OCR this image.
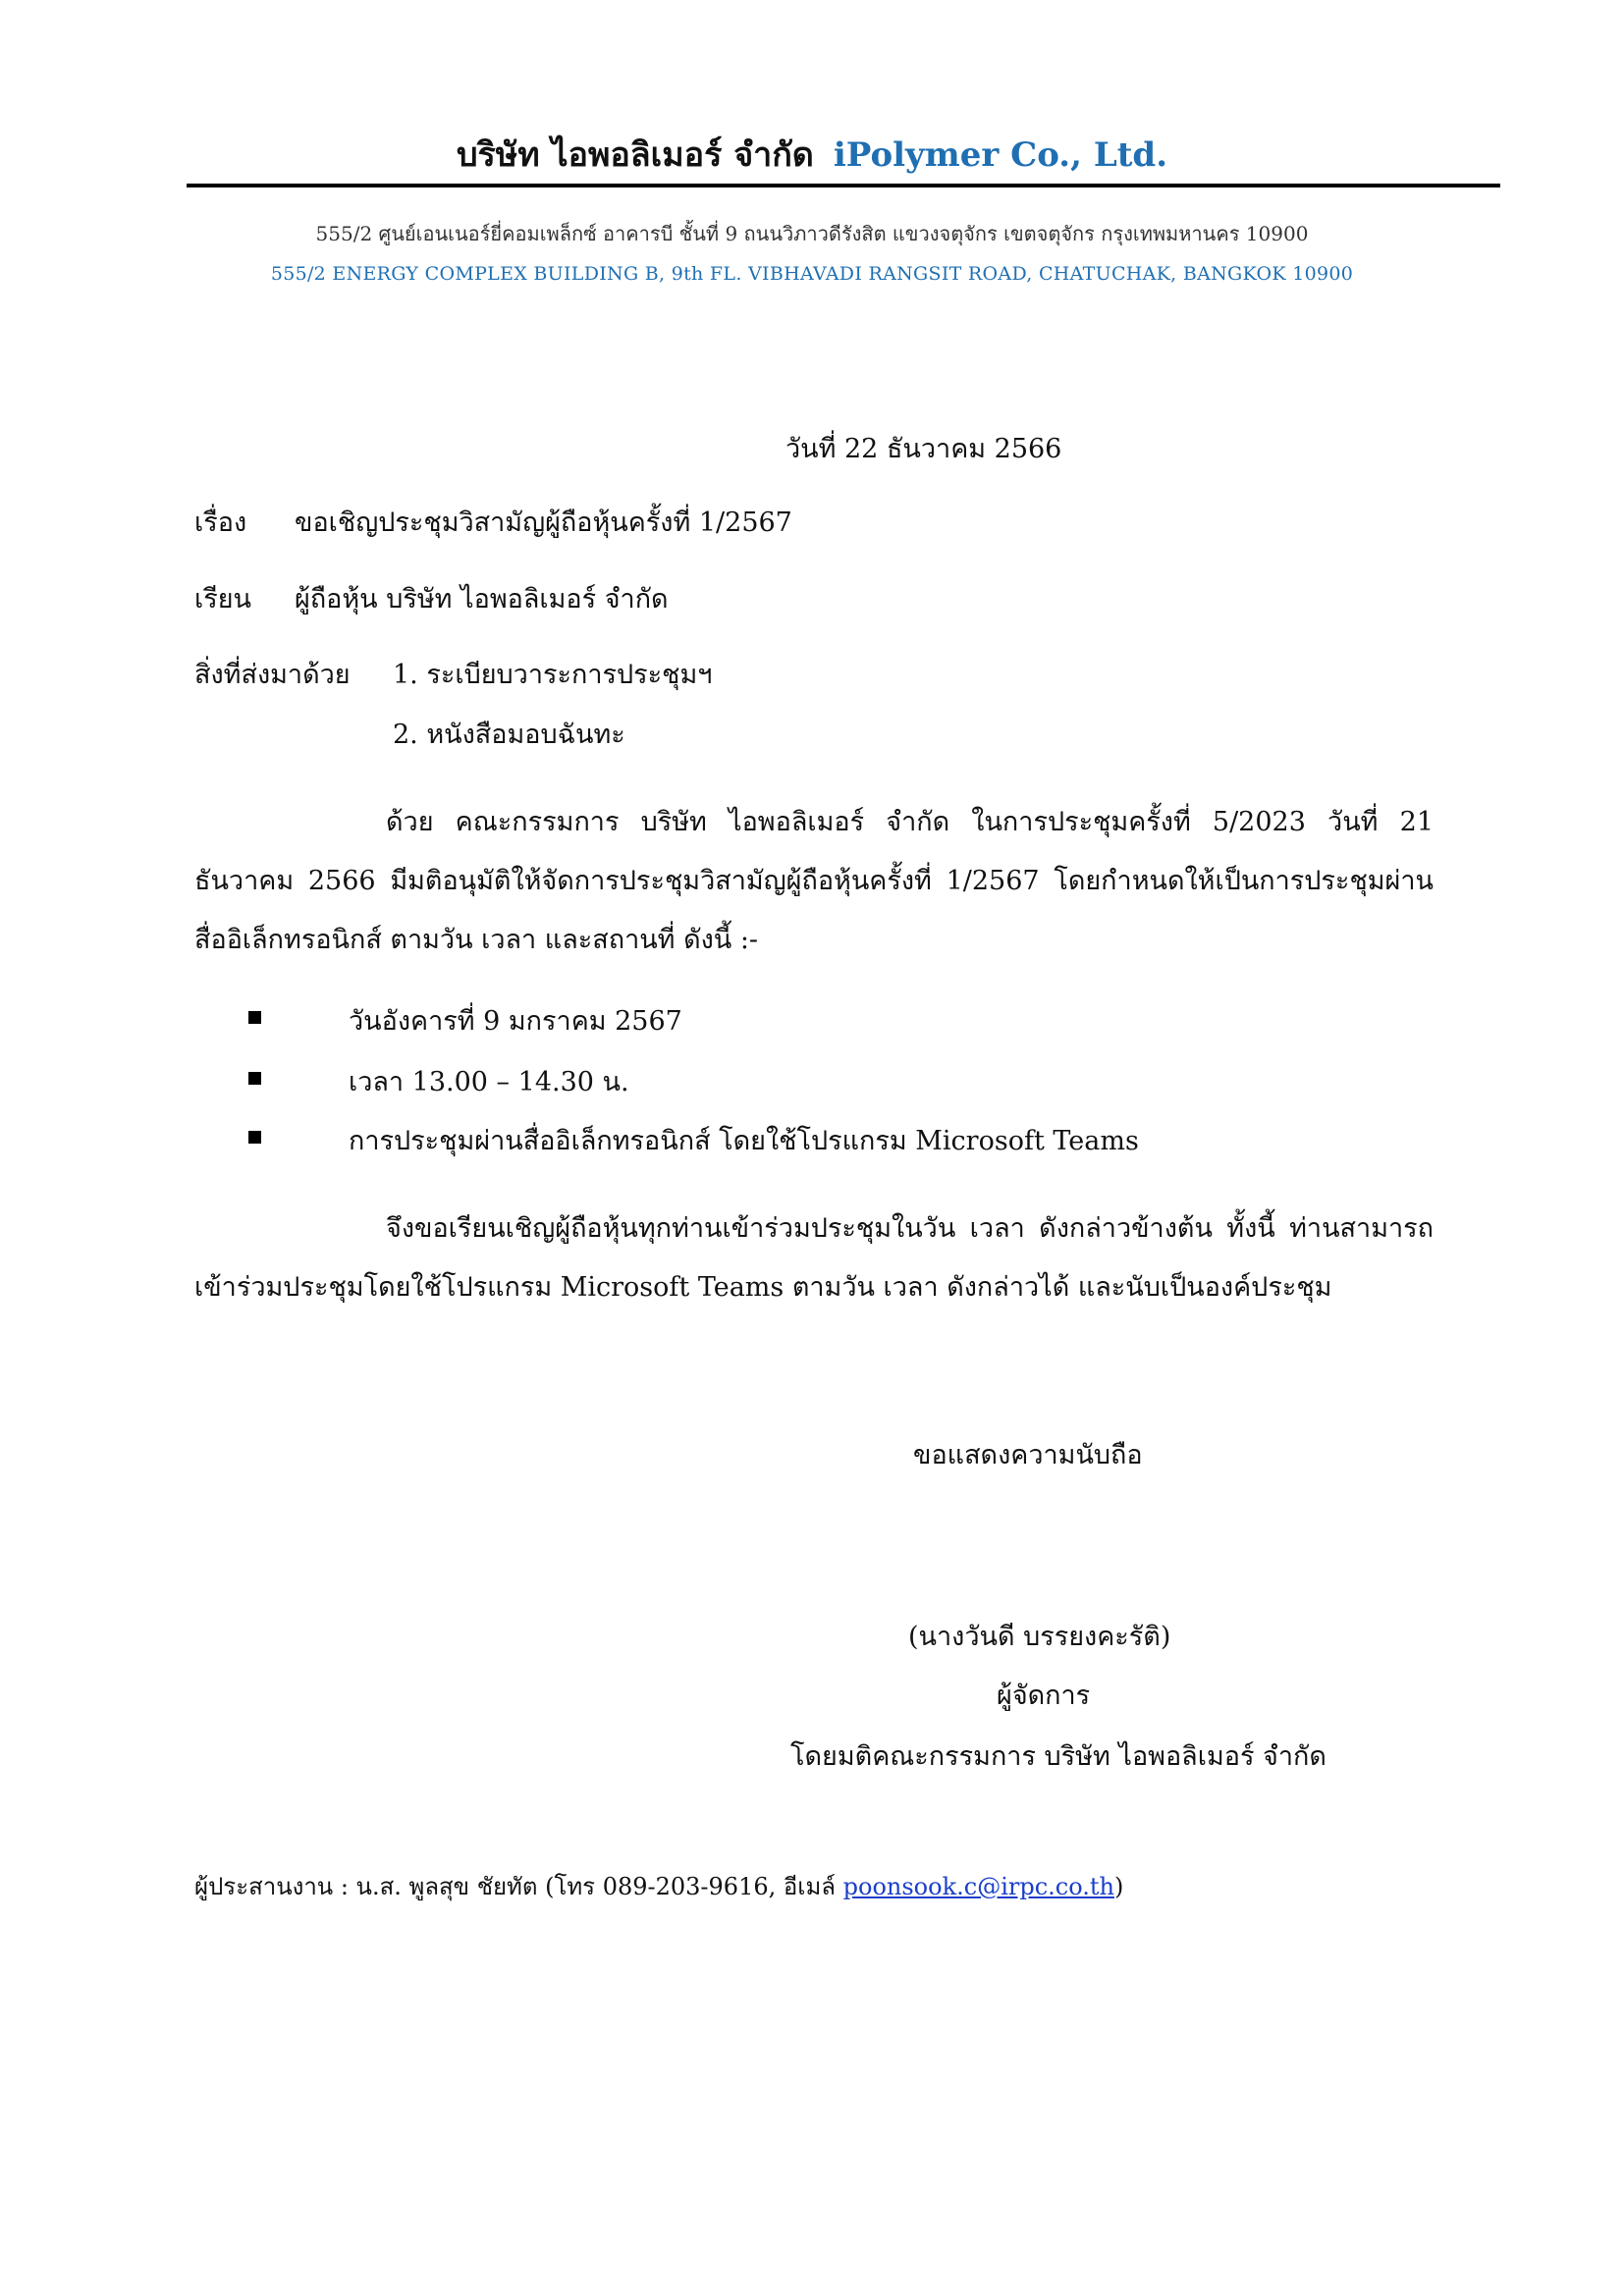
บริษัท ไอพอลิเมอร์ จำกัด iPolymer Co., Ltd.
555/2 ศูนย์เอนเนอร์ยี่คอมเพล็กซ์ อาคารบี ชั้นที่ 9 ถนนวิภาวดีรังสิต แขวงจตุจักร เขตจตุจักร กรุงเทพมหานคร 10900
555/2 ENERGY COMPLEX BUILDING B, 9th FL. VIBHAVADI RANGSIT ROAD, CHATUCHAK, BANGKOK 10900
วันที่ 22 ธันวาคม 2566
เรื่อง ขอเชิญประชุมวิสามัญผู้ถือหุ้นครั้งที่ 1/2567
เรียน ผู้ถือหุ้น บริษัท ไอพอลิเมอร์ จำกัด
สิ่งที่ส่งมาด้วย 1. ระเบียบวาระการประชุมฯ
2. หนังสือมอบฉันทะ
ด้วย คณะกรรมการ บริษัท ไอพอลิเมอร์ จำกัด ในการประชุมครั้งที่ 5/2023 วันที่ 21 ธันวาคม 2566 มีมติอนุมัติให้จัดการประชุมวิสามัญผู้ถือหุ้นครั้งที่ 1/2567 โดยกำหนดให้เป็นการประชุมผ่านสื่ออิเล็กทรอนิกส์ ตามวัน เวลา และสถานที่ ดังนี้ :-
วันอังคารที่ 9 มกราคม 2567
เวลา 13.00 – 14.30 น.
การประชุมผ่านสื่ออิเล็กทรอนิกส์ โดยใช้โปรแกรม Microsoft Teams
จึงขอเรียนเชิญผู้ถือหุ้นทุกท่านเข้าร่วมประชุมในวัน เวลา ดังกล่าวข้างต้น ทั้งนี้ ท่านสามารถเข้าร่วมประชุมโดยใช้โปรแกรม Microsoft Teams ตามวัน เวลา ดังกล่าวได้ และนับเป็นองค์ประชุม
ขอแสดงความนับถือ
(นางวันดี บรรยงคะรัติ)
ผู้จัดการ
โดยมติคณะกรรมการ บริษัท ไอพอลิเมอร์ จำกัด
ผู้ประสานงาน : น.ส. พูลสุข ชัยทัต (โทร 089-203-9616, อีเมล์ poonsook.c@irpc.co.th)
